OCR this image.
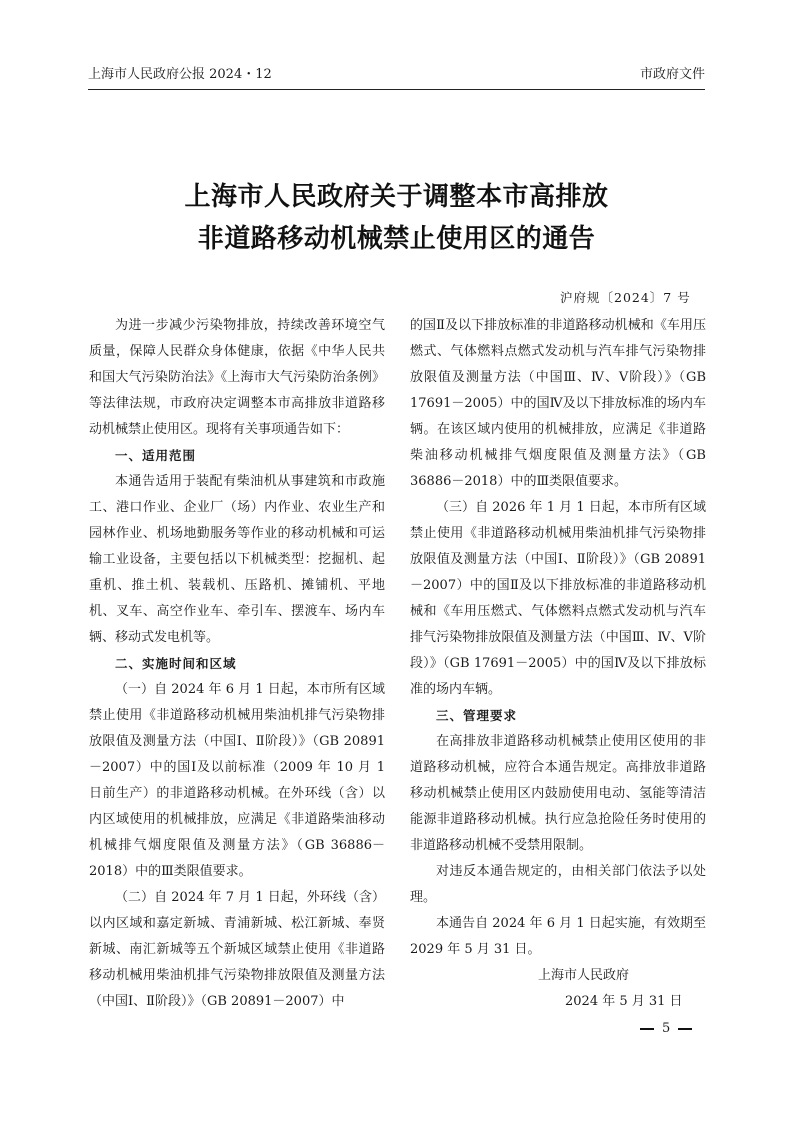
上海市人民政府公报 2024・12	市政府文件
上海市人民政府关于调整本市高排放
非道路移动机械禁止使用区的通告
沪府规〔2024〕7 号

为进一步减少污染物排放，持续改善环境空气质量，保障人民群众身体健康，依据《中华人民共和国大气污染防治法》《上海市大气污染防治条例》等法律法规，市政府决定调整本市高排放非道路移动机械禁止使用区。现将有关事项通告如下：

一、适用范围

本通告适用于装配有柴油机从事建筑和市政施工、港口作业、企业厂（场）内作业、农业生产和园林作业、机场地勤服务等作业的移动机械和可运输工业设备，主要包括以下机械类型：挖掘机、起重机、推土机、装载机、压路机、摊铺机、平地机、叉车、高空作业车、牵引车、摆渡车、场内车辆、移动式发电机等。

二、实施时间和区域

（一）自 2024 年 6 月 1 日起，本市所有区域禁止使用《非道路移动机械用柴油机排气污染物排放限值及测量方法（中国Ⅰ、Ⅱ阶段）》（GB 20891－2007）中的国Ⅰ及以前标准（2009 年 10 月 1 日前生产）的非道路移动机械。在外环线（含）以内区域使用的机械排放，应满足《非道路柴油移动机械排气烟度限值及测量方法》（GB 36886－2018）中的Ⅲ类限值要求。

（二）自 2024 年 7 月 1 日起，外环线（含）以内区域和嘉定新城、青浦新城、松江新城、奉贤新城、南汇新城等五个新城区域禁止使用《非道路移动机械用柴油机排气污染物排放限值及测量方法（中国Ⅰ、Ⅱ阶段）》（GB 20891－2007）中

的国Ⅱ及以下排放标准的非道路移动机械和《车用压燃式、气体燃料点燃式发动机与汽车排气污染物排放限值及测量方法（中国Ⅲ、Ⅳ、Ⅴ阶段）》（GB 17691－2005）中的国Ⅳ及以下排放标准的场内车辆。在该区域内使用的机械排放，应满足《非道路柴油移动机械排气烟度限值及测量方法》（GB 36886－2018）中的Ⅲ类限值要求。

（三）自 2026 年 1 月 1 日起，本市所有区域禁止使用《非道路移动机械用柴油机排气污染物排放限值及测量方法（中国Ⅰ、Ⅱ阶段）》（GB 20891－2007）中的国Ⅱ及以下排放标准的非道路移动机械和《车用压燃式、气体燃料点燃式发动机与汽车排气污染物排放限值及测量方法（中国Ⅲ、Ⅳ、Ⅴ阶段）》（GB 17691－2005）中的国Ⅳ及以下排放标准的场内车辆。

三、管理要求

在高排放非道路移动机械禁止使用区使用的非道路移动机械，应符合本通告规定。高排放非道路移动机械禁止使用区内鼓励使用电动、氢能等清洁能源非道路移动机械。执行应急抢险任务时使用的非道路移动机械不受禁用限制。

对违反本通告规定的，由相关部门依法予以处理。

本通告自 2024 年 6 月 1 日起实施，有效期至 2029 年 5 月 31 日。

上海市人民政府

2024 年 5 月 31 日

5
